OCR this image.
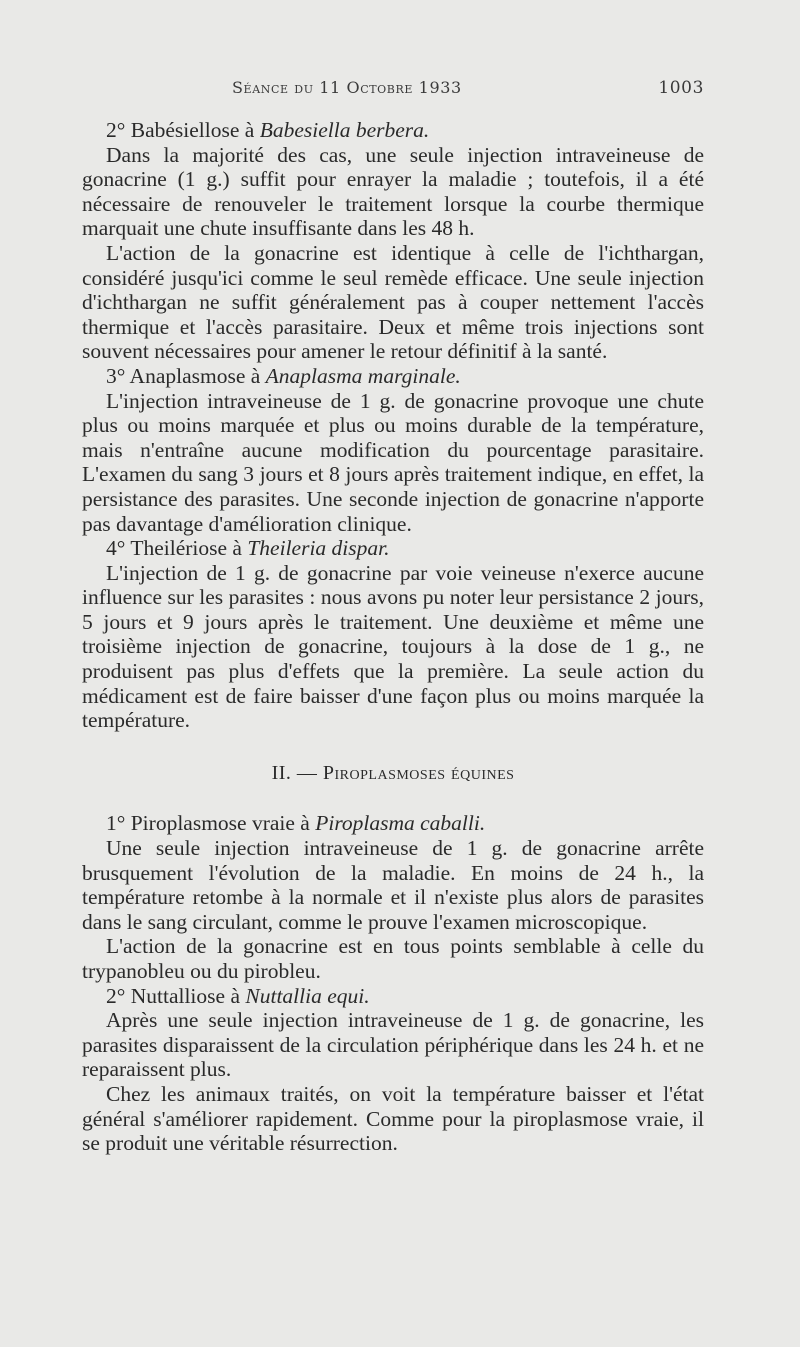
Séance du 11 Octobre 1933	1003

2° Babésiellose à Babesiella berbera.

Dans la majorité des cas, une seule injection intraveineuse de gonacrine (1 g.) suffit pour enrayer la maladie ; toutefois, il a été nécessaire de renouveler le traitement lorsque la courbe thermique marquait une chute insuffisante dans les 48 h.

L'action de la gonacrine est identique à celle de l'ichthargan, considéré jusqu'ici comme le seul remède efficace. Une seule injection d'ichthargan ne suffit généralement pas à couper nettement l'accès thermique et l'accès parasitaire. Deux et même trois injections sont souvent nécessaires pour amener le retour définitif à la santé.

3° Anaplasmose à Anaplasma marginale.

L'injection intraveineuse de 1 g. de gonacrine provoque une chute plus ou moins marquée et plus ou moins durable de la température, mais n'entraîne aucune modification du pourcentage parasitaire. L'examen du sang 3 jours et 8 jours après traitement indique, en effet, la persistance des parasites. Une seconde injection de gonacrine n'apporte pas davantage d'amélioration clinique.

4° Theilériose à Theileria dispar.

L'injection de 1 g. de gonacrine par voie veineuse n'exerce aucune influence sur les parasites : nous avons pu noter leur persistance 2 jours, 5 jours et 9 jours après le traitement. Une deuxième et même une troisième injection de gonacrine, toujours à la dose de 1 g., ne produisent pas plus d'effets que la première. La seule action du médicament est de faire baisser d'une façon plus ou moins marquée la température.

II. — Piroplasmoses équines

1° Piroplasmose vraie à Piroplasma caballi.

Une seule injection intraveineuse de 1 g. de gonacrine arrête brusquement l'évolution de la maladie. En moins de 24 h., la température retombe à la normale et il n'existe plus alors de parasites dans le sang circulant, comme le prouve l'examen microscopique.

L'action de la gonacrine est en tous points semblable à celle du trypanobleu ou du pirobleu.

2° Nuttalliose à Nuttallia equi.

Après une seule injection intraveineuse de 1 g. de gonacrine, les parasites disparaissent de la circulation périphérique dans les 24 h. et ne reparaissent plus.

Chez les animaux traités, on voit la température baisser et l'état général s'améliorer rapidement. Comme pour la piroplasmose vraie, il se produit une véritable résurrection.
